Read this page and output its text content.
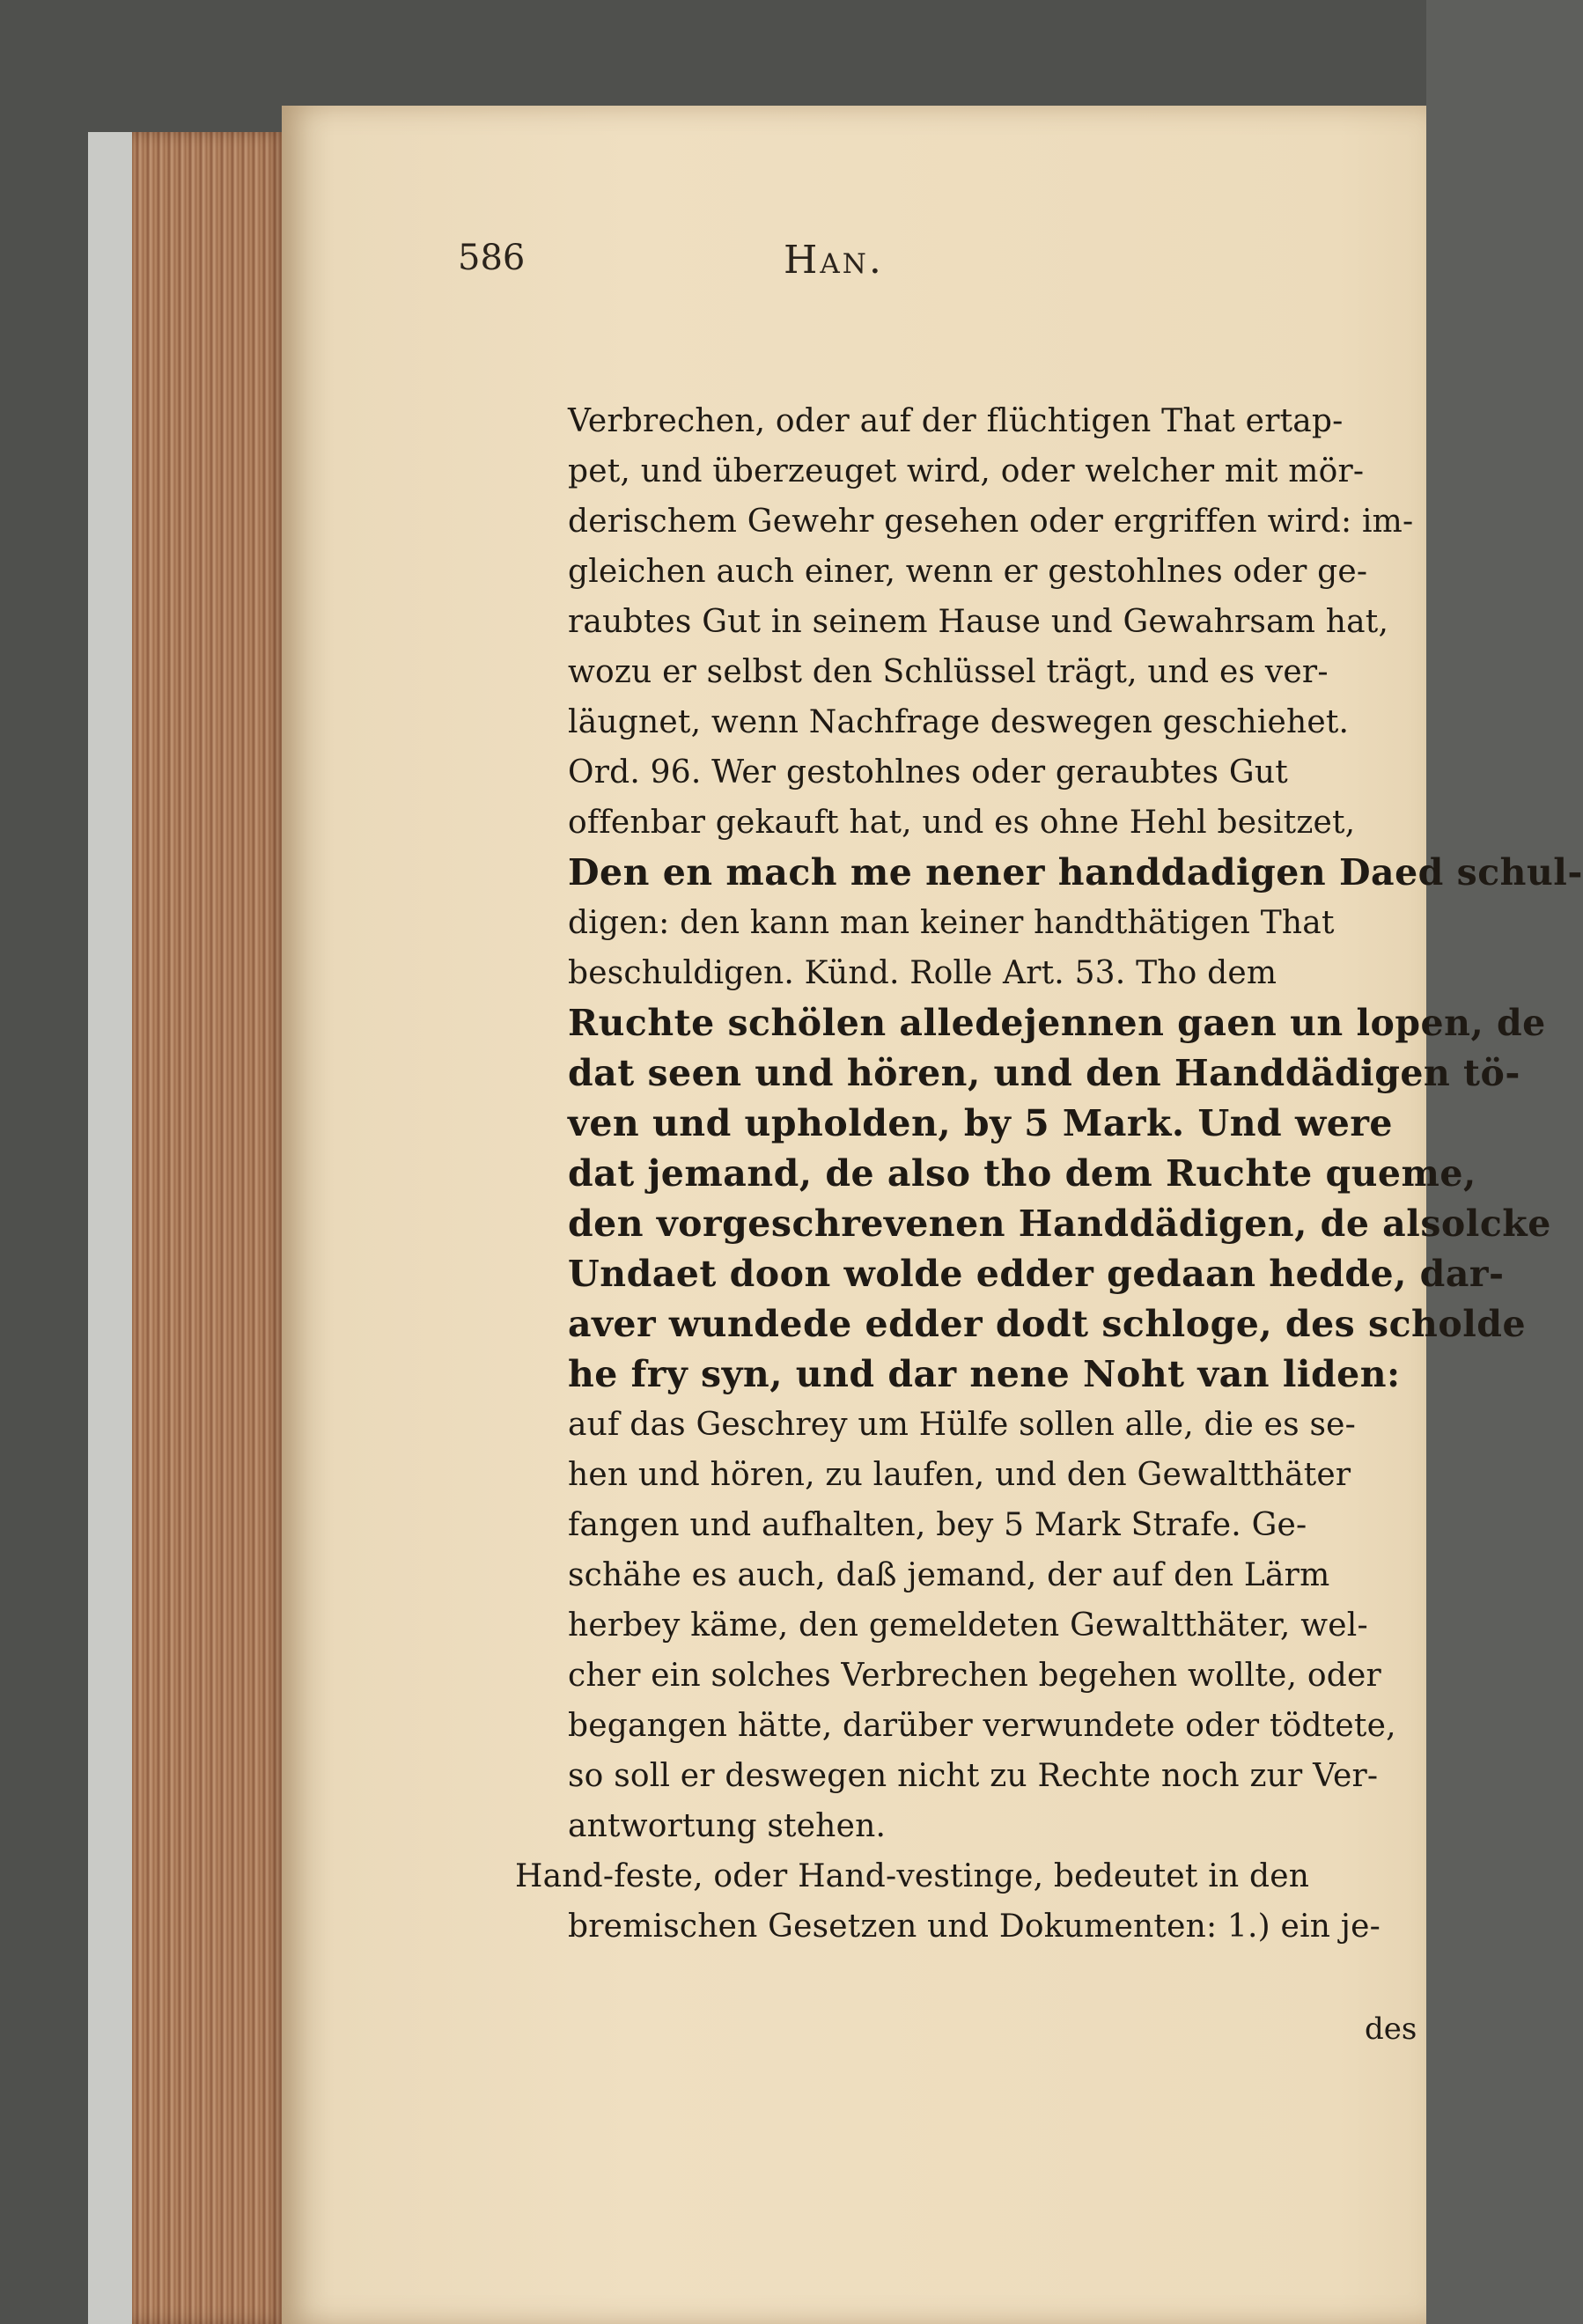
586	Han.
Verbrechen, oder auf der flüchtigen That ertap-
pet, und überzeuget wird, oder welcher mit mör-
derischem Gewehr gesehen oder ergriffen wird: im-
gleichen auch einer, wenn er gestohlnes oder ge-
raubtes Gut in seinem Hause und Gewahrsam hat,
wozu er selbst den Schlüssel trägt, und es ver-
läugnet, wenn Nachfrage deswegen geschiehet.
Ord. 96. Wer gestohlnes oder geraubtes Gut
offenbar gekauft hat, und es ohne Hehl besitzet,
Den en mach me nener handdadigen Daed schul-
digen: den kann man keiner handthätigen That
beschuldigen. Künd. Rolle Art. 53. Tho dem
Ruchte schölen alledejennen gaen un lopen, de
dat seen und hören, und den Handdädigen tö-
ven und upholden, by 5 Mark. Und were
dat jemand, de also tho dem Ruchte queme,
den vorgeschrevenen Handdädigen, de alsolcke
Undaet doon wolde edder gedaan hedde, dar-
aver wundede edder dodt schloge, des scholde
he fry syn, und dar nene Noht van liden:
auf das Geschrey um Hülfe sollen alle, die es se-
hen und hören, zu laufen, und den Gewaltthäter
fangen und aufhalten, bey 5 Mark Strafe. Ge-
schähe es auch, daß jemand, der auf den Lärm
herbey käme, den gemeldeten Gewaltthäter, wel-
cher ein solches Verbrechen begehen wollte, oder
begangen hätte, darüber verwundete oder tödtete,
so soll er deswegen nicht zu Rechte noch zur Ver-
antwortung stehen.
Hand-feste, oder Hand-vestinge, bedeutet in den
bremischen Gesetzen und Dokumenten: 1.) ein je-
des
